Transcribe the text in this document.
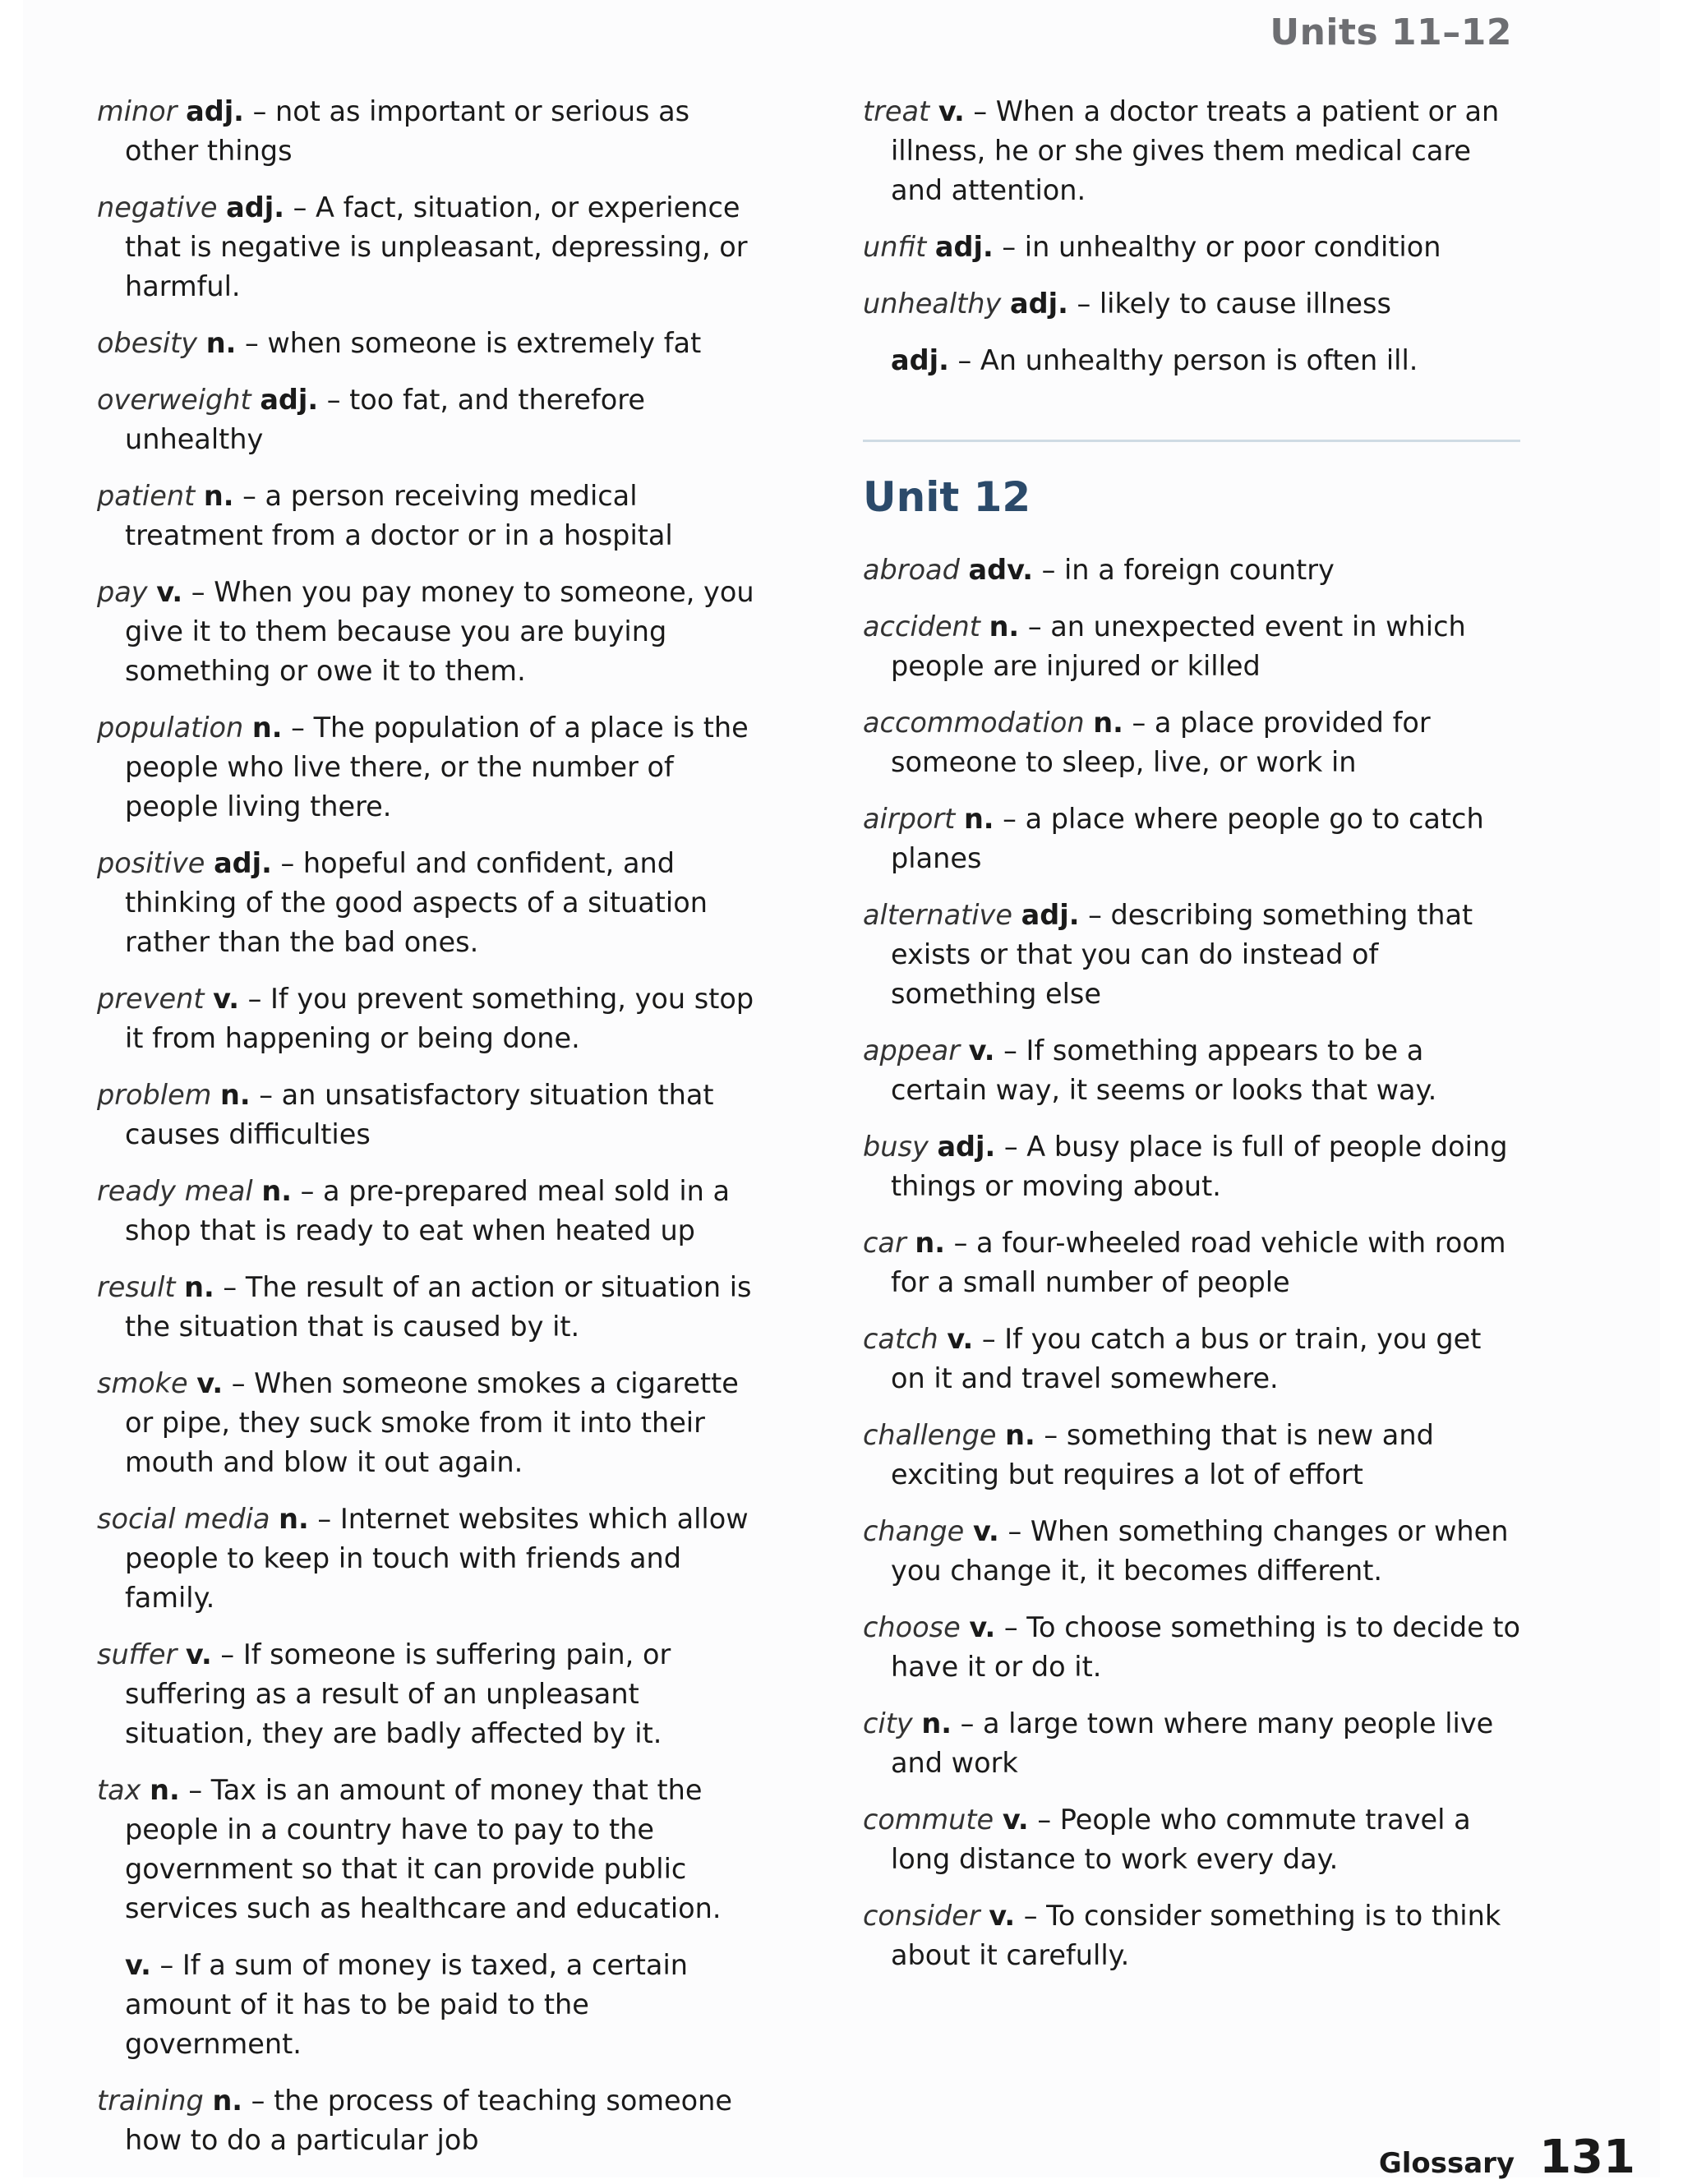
Units 11–12
minor adj. – not as important or serious as other things
negative adj. – A fact, situation, or experience that is negative is unpleasant, depressing, or harmful.
obesity n. – when someone is extremely fat
overweight adj. – too fat, and therefore unhealthy
patient n. – a person receiving medical treatment from a doctor or in a hospital
pay v. – When you pay money to someone, you give it to them because you are buying something or owe it to them.
population n. – The population of a place is the people who live there, or the number of people living there.
positive adj. – hopeful and confident, and thinking of the good aspects of a situation rather than the bad ones.
prevent v. – If you prevent something, you stop it from happening or being done.
problem n. – an unsatisfactory situation that causes difficulties
ready meal n. – a pre-prepared meal sold in a shop that is ready to eat when heated up
result n. – The result of an action or situation is the situation that is caused by it.
smoke v. – When someone smokes a cigarette or pipe, they suck smoke from it into their mouth and blow it out again.
social media n. – Internet websites which allow people to keep in touch with friends and family.
suffer v. – If someone is suffering pain, or suffering as a result of an unpleasant situation, they are badly affected by it.
tax n. – Tax is an amount of money that the people in a country have to pay to the government so that it can provide public services such as healthcare and education.
v. – If a sum of money is taxed, a certain amount of it has to be paid to the government.
training n. – the process of teaching someone how to do a particular job
treat v. – When a doctor treats a patient or an illness, he or she gives them medical care and attention.
unfit adj. – in unhealthy or poor condition
unhealthy adj. – likely to cause illness
adj. – An unhealthy person is often ill.
Unit 12
abroad adv. – in a foreign country
accident n. – an unexpected event in which people are injured or killed
accommodation n. – a place provided for someone to sleep, live, or work in
airport n. – a place where people go to catch planes
alternative adj. – describing something that exists or that you can do instead of something else
appear v. – If something appears to be a certain way, it seems or looks that way.
busy adj. – A busy place is full of people doing things or moving about.
car n. – a four-wheeled road vehicle with room for a small number of people
catch v. – If you catch a bus or train, you get on it and travel somewhere.
challenge n. – something that is new and exciting but requires a lot of effort
change v. – When something changes or when you change it, it becomes different.
choose v. – To choose something is to decide to have it or do it.
city n. – a large town where many people live and work
commute v. – People who commute travel a long distance to work every day.
consider v. – To consider something is to think about it carefully.
Glossary 131
